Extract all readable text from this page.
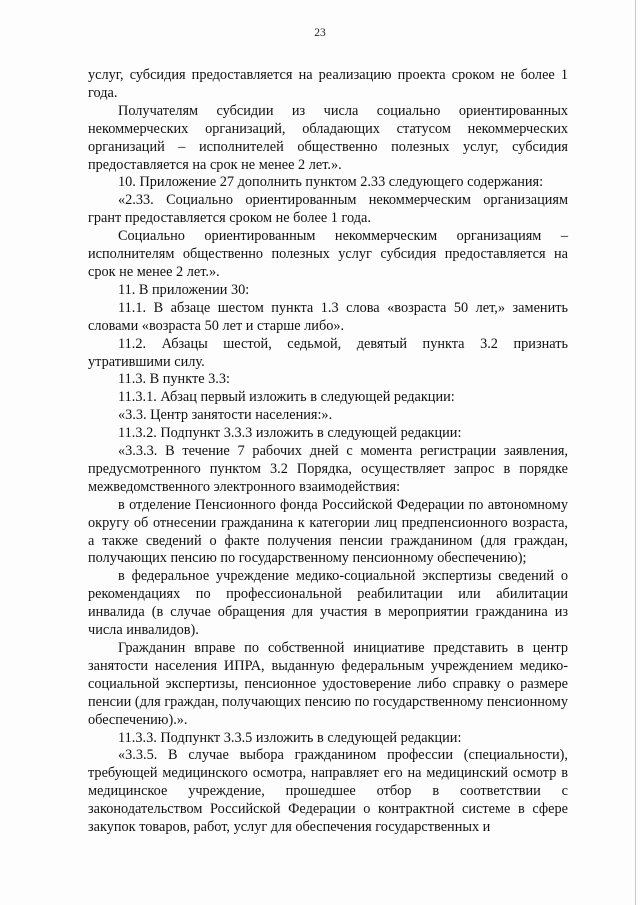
23

услуг, субсидия предоставляется на реализацию проекта сроком не более 1 года.

Получателям субсидии из числа социально ориентированных некоммерческих организаций, обладающих статусом некоммерческих организаций – исполнителей общественно полезных услуг, субсидия предоставляется на срок не менее 2 лет.».

10. Приложение 27 дополнить пунктом 2.33 следующего содержания:

«2.33. Социально ориентированным некоммерческим организациям грант предоставляется сроком не более 1 года.

Социально ориентированным некоммерческим организациям – исполнителям общественно полезных услуг субсидия предоставляется на срок не менее 2 лет.».

11. В приложении 30:

11.1. В абзаце шестом пункта 1.3 слова «возраста 50 лет,» заменить словами «возраста 50 лет и старше либо».

11.2. Абзацы шестой, седьмой, девятый пункта 3.2 признать утратившими силу.

11.3. В пункте 3.3:

11.3.1. Абзац первый изложить в следующей редакции:

«3.3. Центр занятости населения:».

11.3.2. Подпункт 3.3.3 изложить в следующей редакции:

«3.3.3. В течение 7 рабочих дней с момента регистрации заявления, предусмотренного пунктом 3.2 Порядка, осуществляет запрос в порядке межведомственного электронного взаимодействия:

в отделение Пенсионного фонда Российской Федерации по автономному округу об отнесении гражданина к категории лиц предпенсионного возраста, а также сведений о факте получения пенсии гражданином (для граждан, получающих пенсию по государственному пенсионному обеспечению);

в федеральное учреждение медико-социальной экспертизы сведений о рекомендациях по профессиональной реабилитации или абилитации инвалида (в случае обращения для участия в мероприятии гражданина из числа инвалидов).

Гражданин вправе по собственной инициативе представить в центр занятости населения ИПРА, выданную федеральным учреждением медико-социальной экспертизы, пенсионное удостоверение либо справку о размере пенсии (для граждан, получающих пенсию по государственному пенсионному обеспечению).».

11.3.3. Подпункт 3.3.5 изложить в следующей редакции:

«3.3.5. В случае выбора гражданином профессии (специальности), требующей медицинского осмотра, направляет его на медицинский осмотр в медицинское учреждение, прошедшее отбор в соответствии с законодательством Российской Федерации о контрактной системе в сфере закупок товаров, работ, услуг для обеспечения государственных и
